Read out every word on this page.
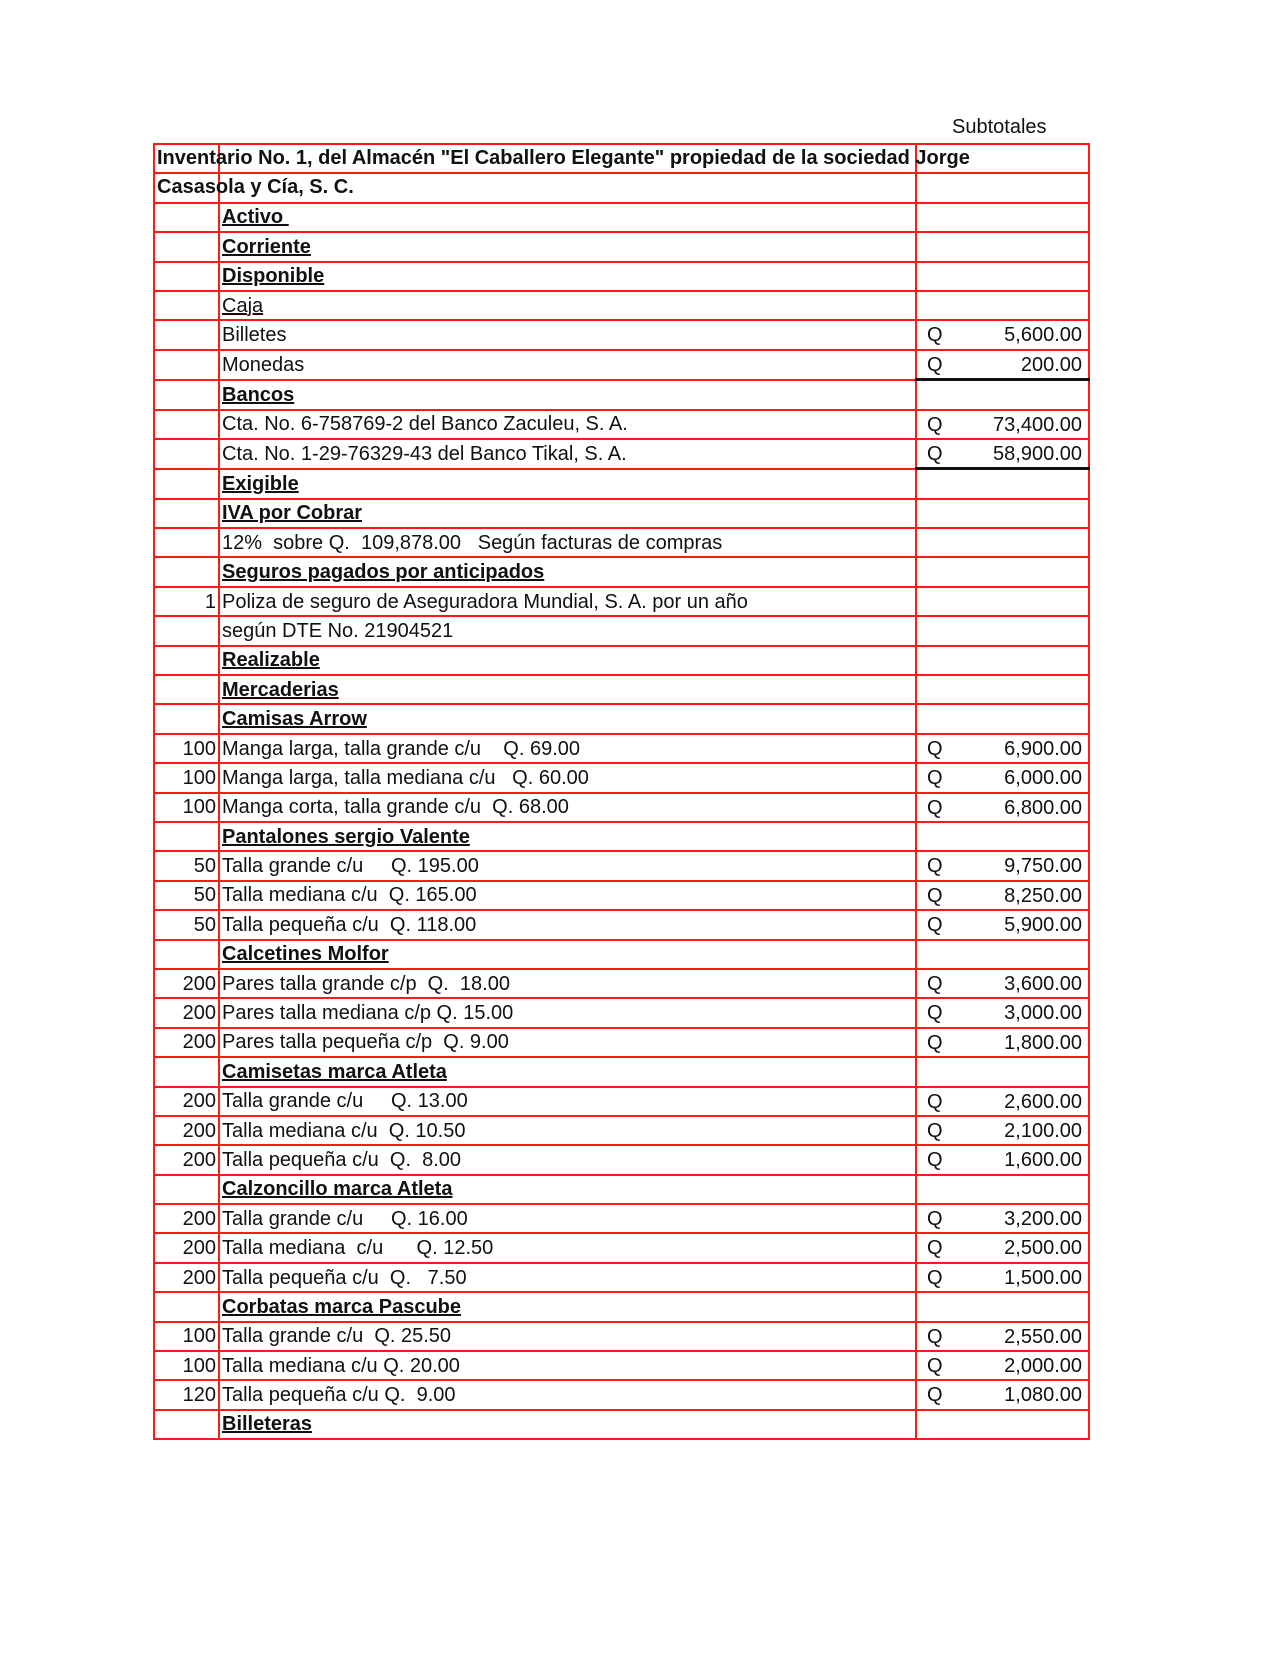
Subtotales
Inventario No. 1, del Almacén "El Caballero Elegante" propiedad de la sociedad Jorge		

Casasola y Cía, S. C.		

	Activo	

	Corriente	

	Disponible	

	Caja	

	Billetes	Q 5,600.00

	Monedas	Q 200.00

	Bancos	

	Cta. No. 6-758769-2 del Banco Zaculeu, S. A.	Q 73,400.00

	Cta. No. 1-29-76329-43 del Banco Tikal, S. A.	Q 58,900.00

	Exigible	

	IVA por Cobrar	

	12%  sobre Q.  109,878.00   Según facturas de compras	

	Seguros pagados por anticipados	

1	Poliza de seguro de Aseguradora Mundial, S. A. por un año	

	según DTE No. 21904521	

	Realizable	

	Mercaderias	

	Camisas Arrow	

100	Manga larga, talla grande c/u    Q. 69.00	Q 6,900.00

100	Manga larga, talla mediana c/u   Q. 60.00	Q 6,000.00

100	Manga corta, talla grande c/u  Q. 68.00	Q 6,800.00

	Pantalones sergio Valente	

50	Talla grande c/u     Q. 195.00	Q 9,750.00

50	Talla mediana c/u  Q. 165.00	Q 8,250.00

50	Talla pequeña c/u  Q. 118.00	Q 5,900.00

	Calcetines Molfor	

200	Pares talla grande c/p  Q.  18.00	Q 3,600.00

200	Pares talla mediana c/p Q. 15.00	Q 3,000.00

200	Pares talla pequeña c/p  Q. 9.00	Q 1,800.00

	Camisetas marca Atleta	

200	Talla grande c/u     Q. 13.00	Q 2,600.00

200	Talla mediana c/u  Q. 10.50	Q 2,100.00

200	Talla pequeña c/u  Q.  8.00	Q 1,600.00

	Calzoncillo marca Atleta	

200	Talla grande c/u     Q. 16.00	Q 3,200.00

200	Talla mediana  c/u      Q. 12.50	Q 2,500.00

200	Talla pequeña c/u  Q.   7.50	Q 1,500.00

	Corbatas marca Pascube	

100	Talla grande c/u  Q. 25.50	Q 2,550.00

100	Talla mediana c/u Q. 20.00	Q 2,000.00

120	Talla pequeña c/u Q.  9.00	Q 1,080.00

	Billeteras	
